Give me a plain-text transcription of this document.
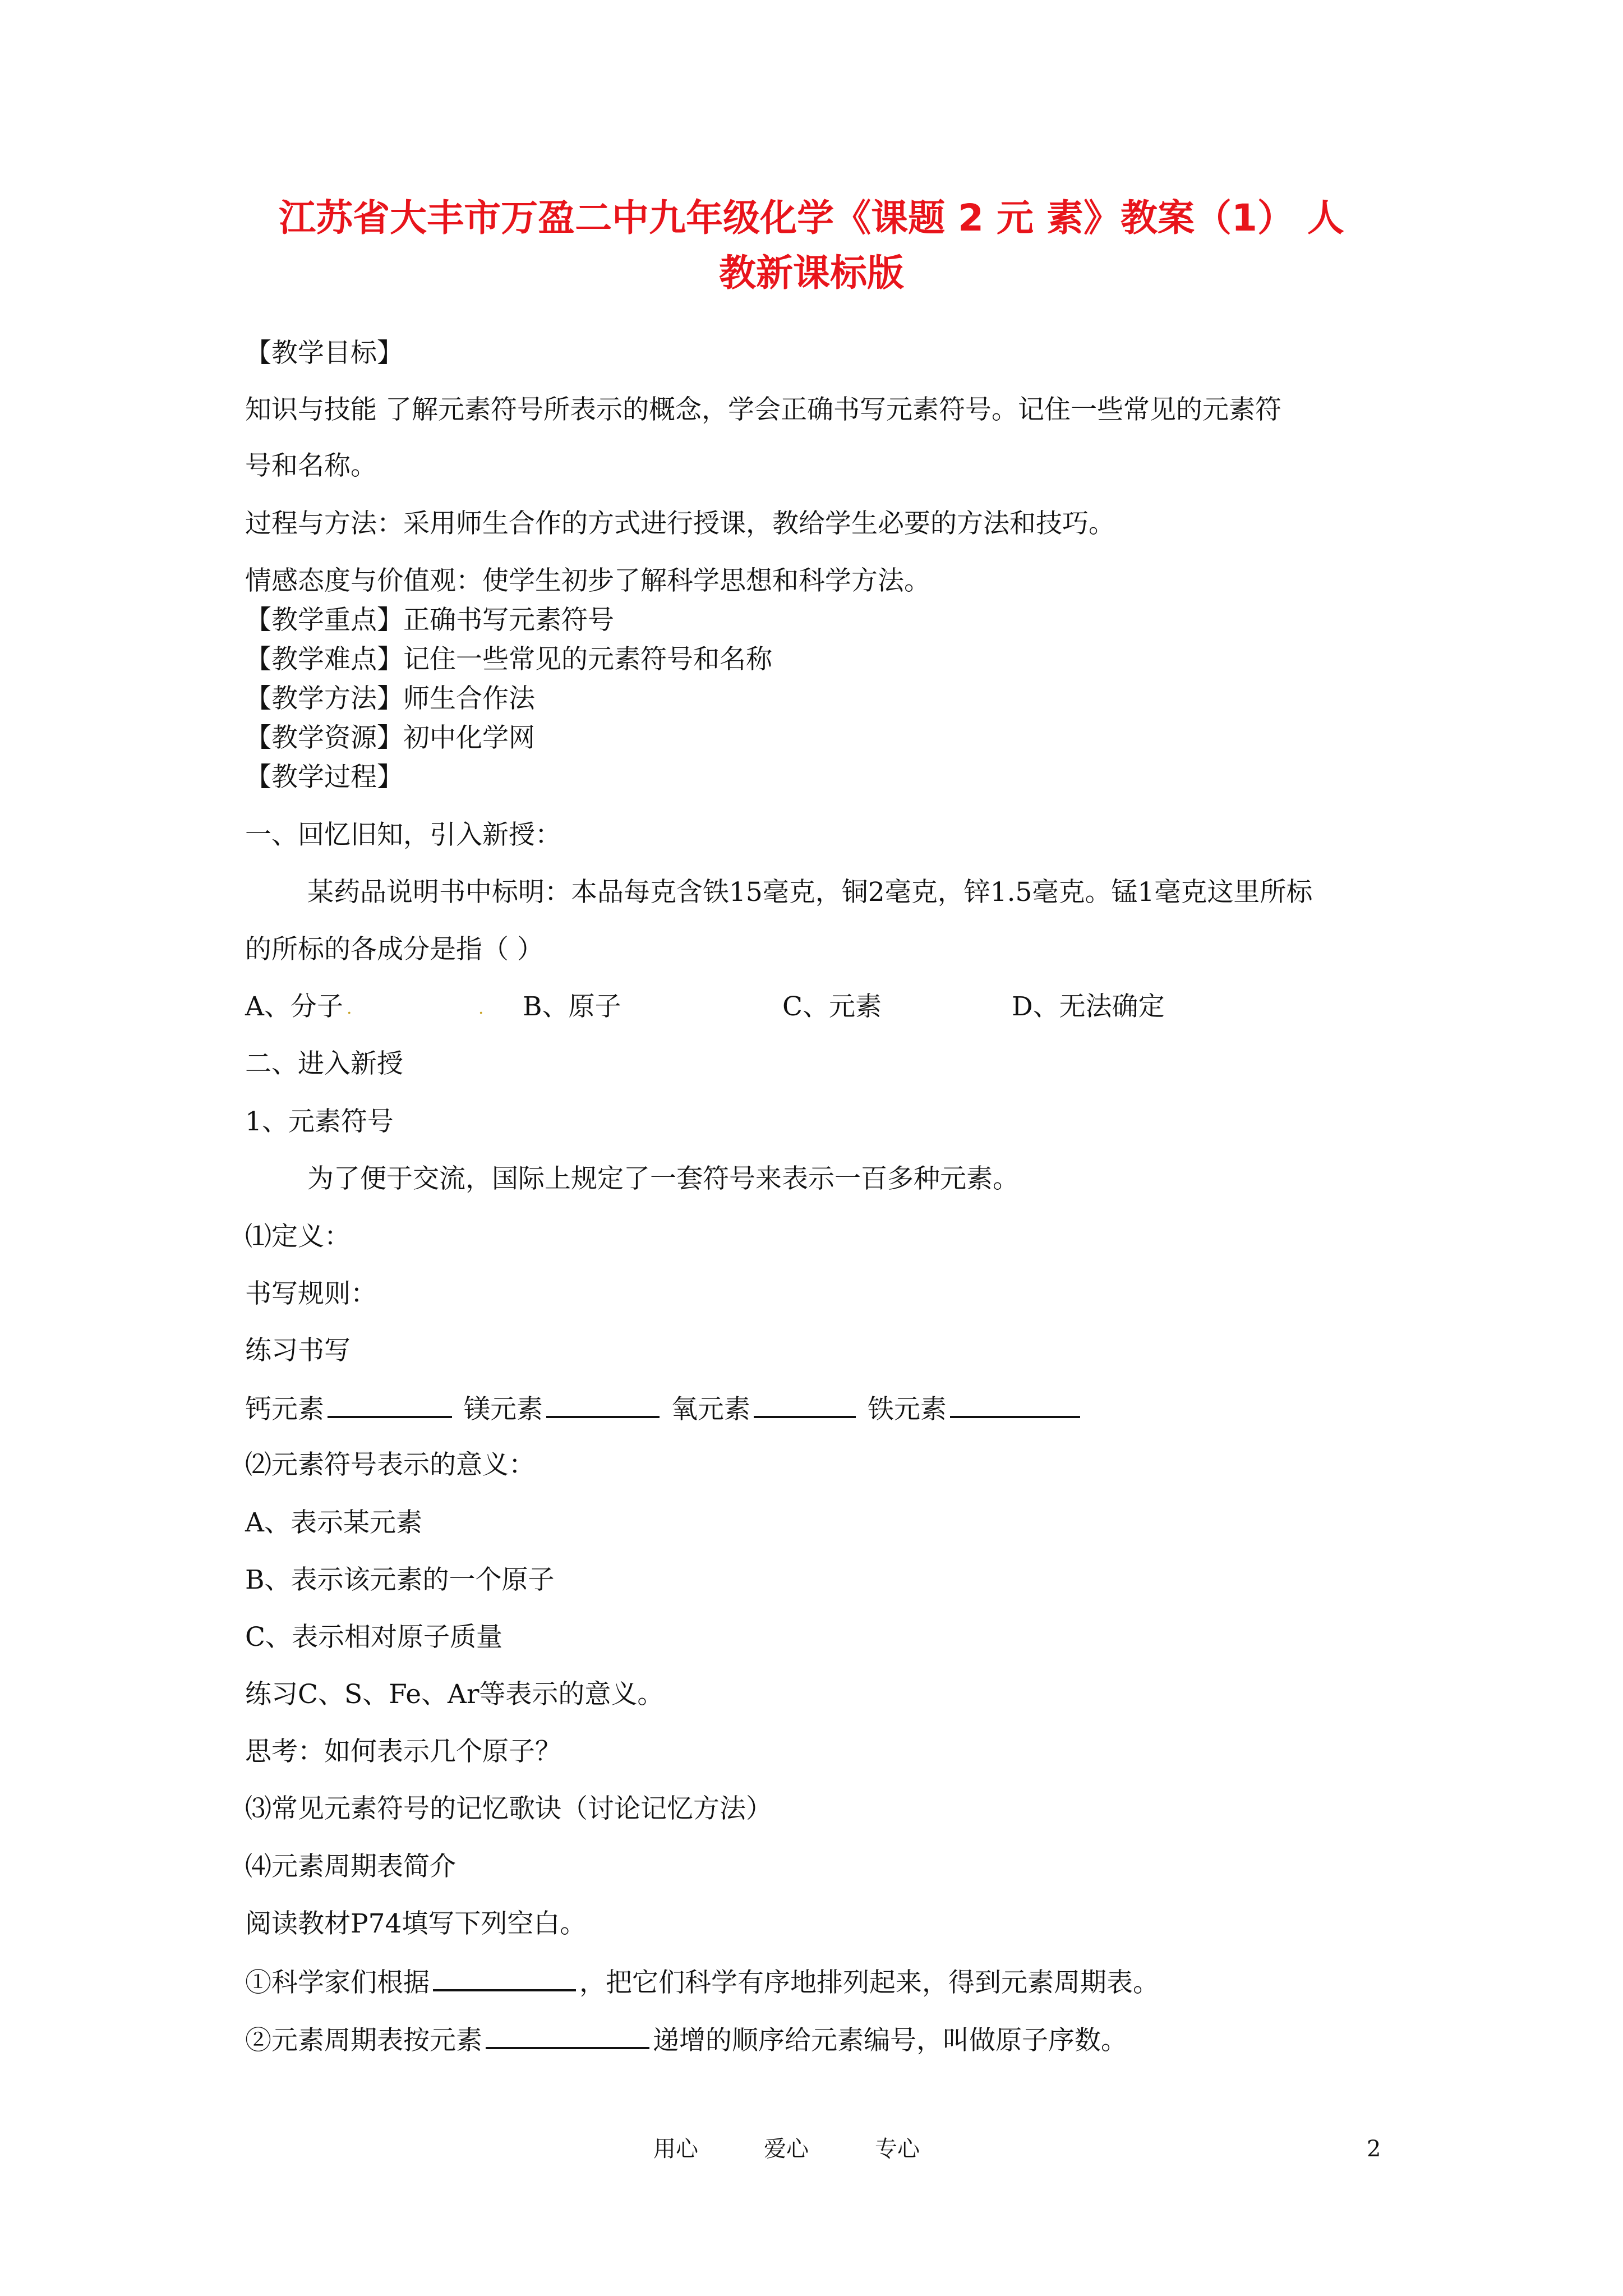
江苏省大丰市万盈二中九年级化学《课题 2 元 素》教案（1） 人
教新课标版
【教学目标】
知识与技能 了解元素符号所表示的概念，学会正确书写元素符号。记住一些常见的元素符
号和名称。
过程与方法：采用师生合作的方式进行授课，教给学生必要的方法和技巧。
情感态度与价值观：使学生初步了解科学思想和科学方法。
【教学重点】正确书写元素符号
【教学难点】记住一些常见的元素符号和名称
【教学方法】师生合作法
【教学资源】初中化学网
【教学过程】
一、回忆旧知，引入新授：
某药品说明书中标明：本品每克含铁15毫克，铜2毫克，锌1.5毫克。锰1毫克这里所标
的所标的各成分是指（ ）
A、分子 .	. B、原子	C、元素	D、无法确定
二、进入新授
1、元素符号
为了便于交流，国际上规定了一套符号来表示一百多种元素。
⑴定义：
书写规则：
练习书写
钙元素	镁元素	氧元素	铁元素
⑵元素符号表示的意义：
A、表示某元素
B、表示该元素的一个原子
C、表示相对原子质量
练习C、S、Fe、Ar等表示的意义。
思考：如何表示几个原子？
⑶常见元素符号的记忆歌诀（讨论记忆方法）
⑷元素周期表简介
阅读教材P74填写下列空白。
①科学家们根据	，把它们科学有序地排列起来，得到元素周期表。
②元素周期表按元素	递增的顺序给元素编号，叫做原子序数。
用心	爱心	专心	2
